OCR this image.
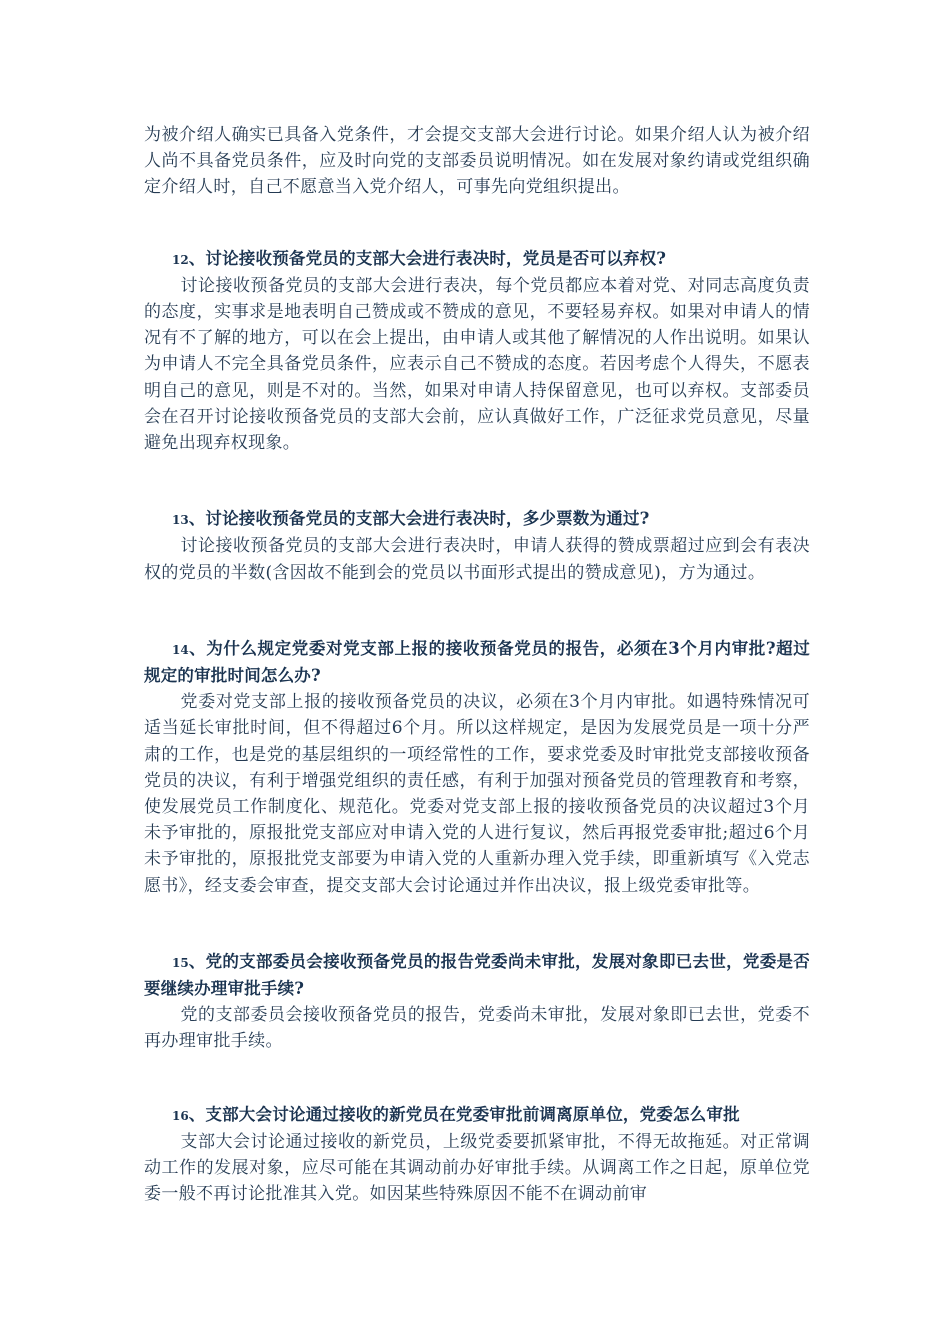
为被介绍人确实已具备入党条件，才会提交支部大会进行讨论。如果介绍人认为被介绍人尚不具备党员条件，应及时向党的支部委员说明情况。如在发展对象约请或党组织确定介绍人时，自己不愿意当入党介绍人，可事先向党组织提出。

12、讨论接收预备党员的支部大会进行表决时，党员是否可以弃权?

讨论接收预备党员的支部大会进行表决，每个党员都应本着对党、对同志高度负责的态度，实事求是地表明自己赞成或不赞成的意见，不要轻易弃权。如果对申请人的情况有不了解的地方，可以在会上提出，由申请人或其他了解情况的人作出说明。如果认为申请人不完全具备党员条件，应表示自己不赞成的态度。若因考虑个人得失，不愿表明自己的意见，则是不对的。当然，如果对申请人持保留意见，也可以弃权。支部委员会在召开讨论接收预备党员的支部大会前，应认真做好工作，广泛征求党员意见，尽量避免出现弃权现象。

13、讨论接收预备党员的支部大会进行表决时，多少票数为通过?

讨论接收预备党员的支部大会进行表决时，申请人获得的赞成票超过应到会有表决权的党员的半数(含因故不能到会的党员以书面形式提出的赞成意见)，方为通过。

14、为什么规定党委对党支部上报的接收预备党员的报告，必须在3个月内审批?超过规定的审批时间怎么办?

党委对党支部上报的接收预备党员的决议，必须在3个月内审批。如遇特殊情况可适当延长审批时间，但不得超过6个月。所以这样规定，是因为发展党员是一项十分严肃的工作，也是党的基层组织的一项经常性的工作，要求党委及时审批党支部接收预备党员的决议，有利于增强党组织的责任感，有利于加强对预备党员的管理教育和考察，使发展党员工作制度化、规范化。党委对党支部上报的接收预备党员的决议超过3个月未予审批的，原报批党支部应对申请入党的人进行复议，然后再报党委审批;超过6个月未予审批的，原报批党支部要为申请入党的人重新办理入党手续，即重新填写《入党志愿书》，经支委会审查，提交支部大会讨论通过并作出决议，报上级党委审批等。

15、党的支部委员会接收预备党员的报告党委尚未审批，发展对象即已去世，党委是否要继续办理审批手续?

党的支部委员会接收预备党员的报告，党委尚未审批，发展对象即已去世，党委不再办理审批手续。

16、支部大会讨论通过接收的新党员在党委审批前调离原单位，党委怎么审批

支部大会讨论通过接收的新党员，上级党委要抓紧审批，不得无故拖延。对正常调动工作的发展对象，应尽可能在其调动前办好审批手续。从调离工作之日起，原单位党委一般不再讨论批准其入党。如因某些特殊原因不能不在调动前审
